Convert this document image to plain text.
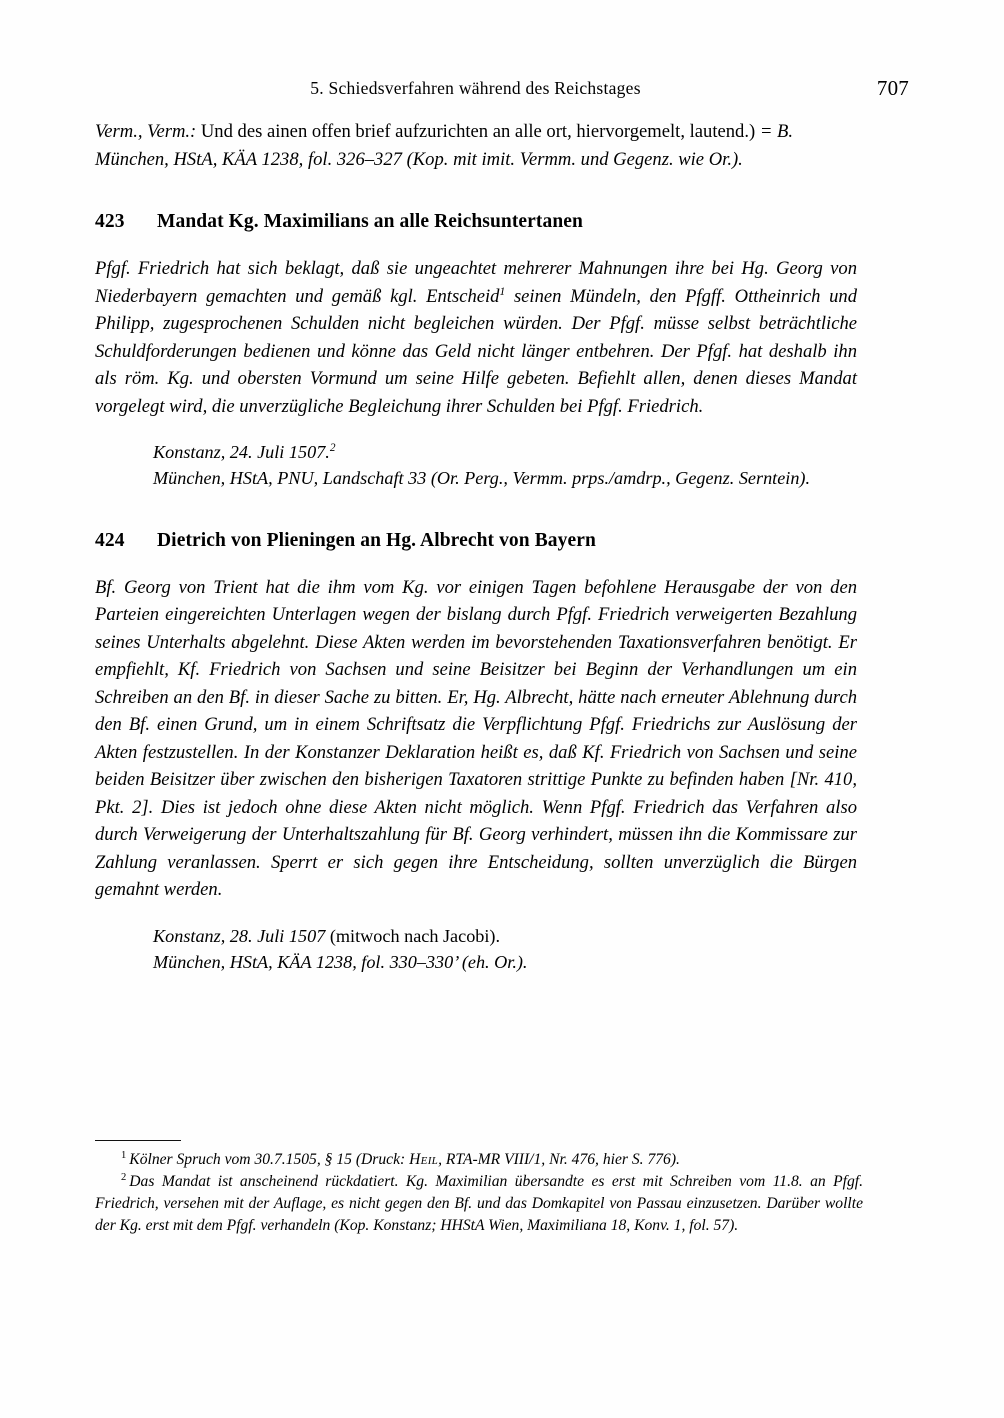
5. Schiedsverfahren während des Reichstages	707

Verm., Verm.: Und des ainen offen brief aufzurichten an alle ort, hiervorgemelt, lautend.) = B. München, HStA, KÄA 1238, fol. 326–327 (Kop. mit imit. Vermm. und Gegenz. wie Or.).

423	Mandat Kg. Maximilians an alle Reichsuntertanen

Pfgf. Friedrich hat sich beklagt, daß sie ungeachtet mehrerer Mahnungen ihre bei Hg. Georg von Niederbayern gemachten und gemäß kgl. Entscheid$^1$ seinen Mündeln, den Pfgff. Ottheinrich und Philipp, zugesprochenen Schulden nicht begleichen würden. Der Pfgf. müsse selbst beträchtliche Schuldforderungen bedienen und könne das Geld nicht länger entbehren. Der Pfgf. hat deshalb ihn als röm. Kg. und obersten Vormund um seine Hilfe gebeten. Befiehlt allen, denen dieses Mandat vorgelegt wird, die unverzügliche Begleichung ihrer Schulden bei Pfgf. Friedrich.

Konstanz, 24. Juli 1507.$^2$
München, HStA, PNU, Landschaft 33 (Or. Perg., Vermm. prps./amdrp., Gegenz. Serntein).
424	Dietrich von Plieningen an Hg. Albrecht von Bayern

Bf. Georg von Trient hat die ihm vom Kg. vor einigen Tagen befohlene Herausgabe der von den Parteien eingereichten Unterlagen wegen der bislang durch Pfgf. Friedrich verweigerten Bezahlung seines Unterhalts abgelehnt. Diese Akten werden im bevorstehenden Taxationsverfahren benötigt. Er empfiehlt, Kf. Friedrich von Sachsen und seine Beisitzer bei Beginn der Verhandlungen um ein Schreiben an den Bf. in dieser Sache zu bitten. Er, Hg. Albrecht, hätte nach erneuter Ablehnung durch den Bf. einen Grund, um in einem Schriftsatz die Verpflichtung Pfgf. Friedrichs zur Auslösung der Akten festzustellen. In der Konstanzer Deklaration heißt es, daß Kf. Friedrich von Sachsen und seine beiden Beisitzer über zwischen den bisherigen Taxatoren strittige Punkte zu befinden haben [Nr. 410, Pkt. 2]. Dies ist jedoch ohne diese Akten nicht möglich. Wenn Pfgf. Friedrich das Verfahren also durch Verweigerung der Unterhaltszahlung für Bf. Georg verhindert, müssen ihn die Kommissare zur Zahlung veranlassen. Sperrt er sich gegen ihre Entscheidung, sollten unverzüglich die Bürgen gemahnt werden.

Konstanz, 28. Juli 1507 (mitwoch nach Jacobi).
München, HStA, KÄA 1238, fol. 330–330’ (eh. Or.).

$^1$ Kölner Spruch vom 30.7.1505, § 15 (Druck: Heil, RTA-MR VIII/1, Nr. 476, hier S. 776).

$^2$ Das Mandat ist anscheinend rückdatiert. Kg. Maximilian übersandte es erst mit Schreiben vom 11.8. an Pfgf. Friedrich, versehen mit der Auflage, es nicht gegen den Bf. und das Domkapitel von Passau einzusetzen. Darüber wollte der Kg. erst mit dem Pfgf. verhandeln (Kop. Konstanz; HHStA Wien, Maximiliana 18, Konv. 1, fol. 57).
